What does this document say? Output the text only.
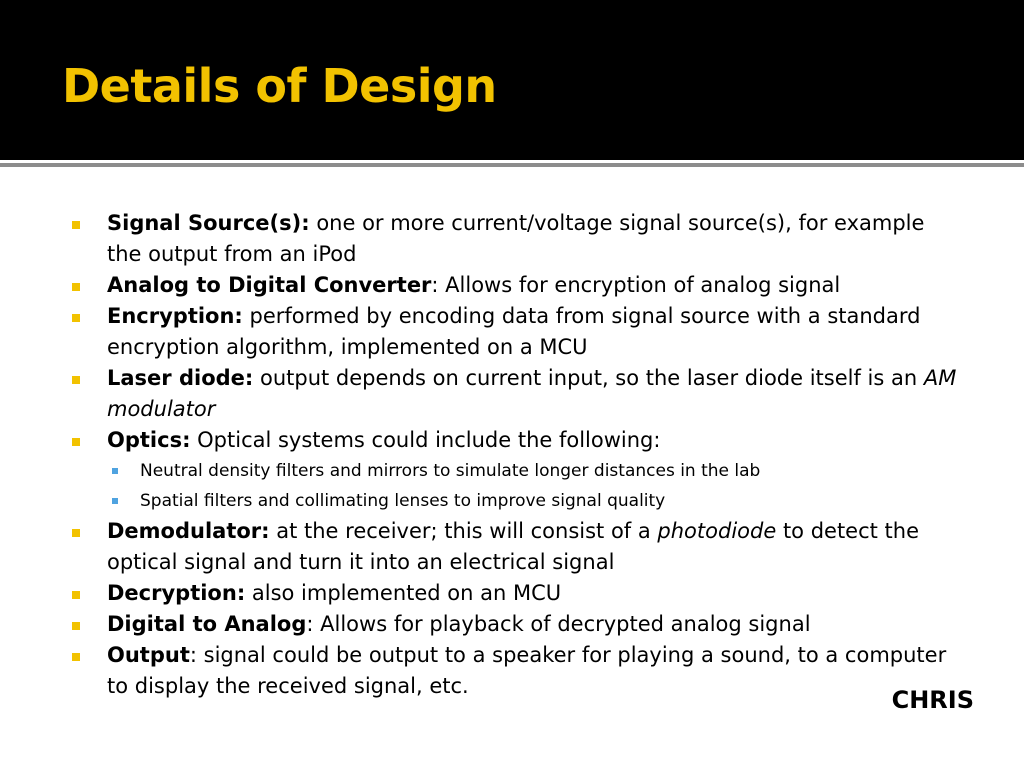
Details of Design
Signal Source(s): one or more current/voltage signal source(s), for example the output from an iPod
Analog to Digital Converter: Allows for encryption of analog signal
Encryption: performed by encoding data from signal source with a standard encryption algorithm, implemented on a MCU
Laser diode: output depends on current input, so the laser diode itself is an AM modulator
Optics: Optical systems could include the following:
Neutral density filters and mirrors to simulate longer distances in the lab
Spatial filters and collimating lenses to improve signal quality
Demodulator: at the receiver; this will consist of a photodiode to detect the optical signal and turn it into an electrical signal
Decryption: also implemented on an MCU
Digital to Analog: Allows for playback of decrypted analog signal
Output: signal could be output to a speaker for playing a sound, to a computer to display the received signal, etc.	CHRIS
